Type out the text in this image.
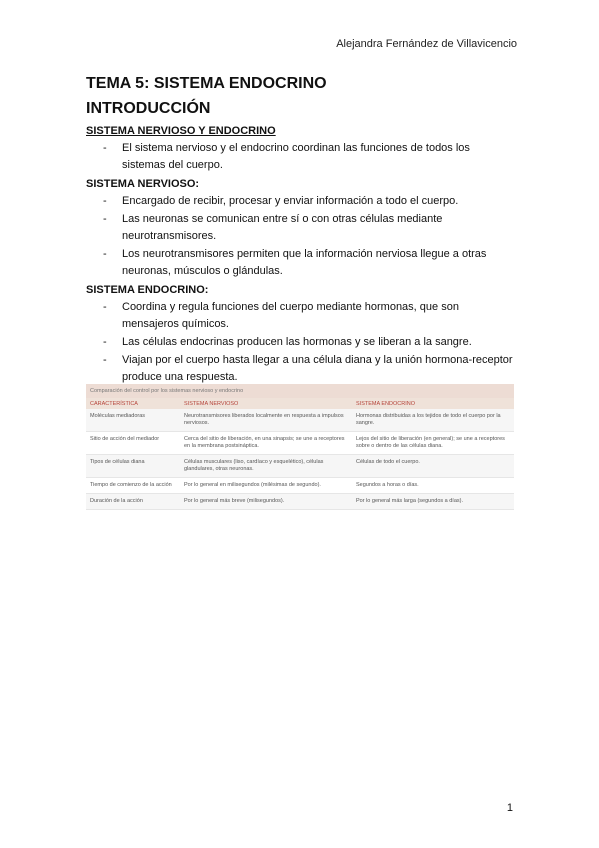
Alejandra Fernández de Villavicencio
TEMA 5: SISTEMA ENDOCRINO
INTRODUCCIÓN
SISTEMA NERVIOSO Y ENDOCRINO
- El sistema nervioso y el endocrino coordinan las funciones de todos los sistemas del cuerpo.
SISTEMA NERVIOSO:
- Encargado de recibir, procesar y enviar información a todo el cuerpo.
- Las neuronas se comunican entre sí o con otras células mediante neurotransmisores.
- Los neurotransmisores permiten que la información nerviosa llegue a otras neuronas, músculos o glándulas.
SISTEMA ENDOCRINO:
- Coordina y regula funciones del cuerpo mediante hormonas, que son mensajeros químicos.
- Las células endocrinas producen las hormonas y se liberan a la sangre.
- Viajan por el cuerpo hasta llegar a una célula diana y la unión hormona-receptor produce una respuesta.
Comparación del control por los sistemas nervioso y endocrino
CARACTERÍSTICA	SISTEMA NERVIOSO	SISTEMA ENDOCRINO
Moléculas mediadoras	Neurotransmisores liberados localmente en respuesta a impulsos nerviosos.	Hormonas distribuidas a los tejidos de todo el cuerpo por la sangre.
Sitio de acción del mediador	Cerca del sitio de liberación, en una sinapsis; se une a receptores en la membrana postsináptica.	Lejos del sitio de liberación (en general); se une a receptores sobre o dentro de las células diana.
Tipos de células diana	Células musculares (liso, cardíaco y esquelético), células glandulares, otras neuronas.	Células de todo el cuerpo.
Tiempo de comienzo de la acción	Por lo general en milisegundos (milésimas de segundo).	Segundos a horas o días.
Duración de la acción	Por lo general más breve (milisegundos).	Por lo general más larga (segundos a días).
1
